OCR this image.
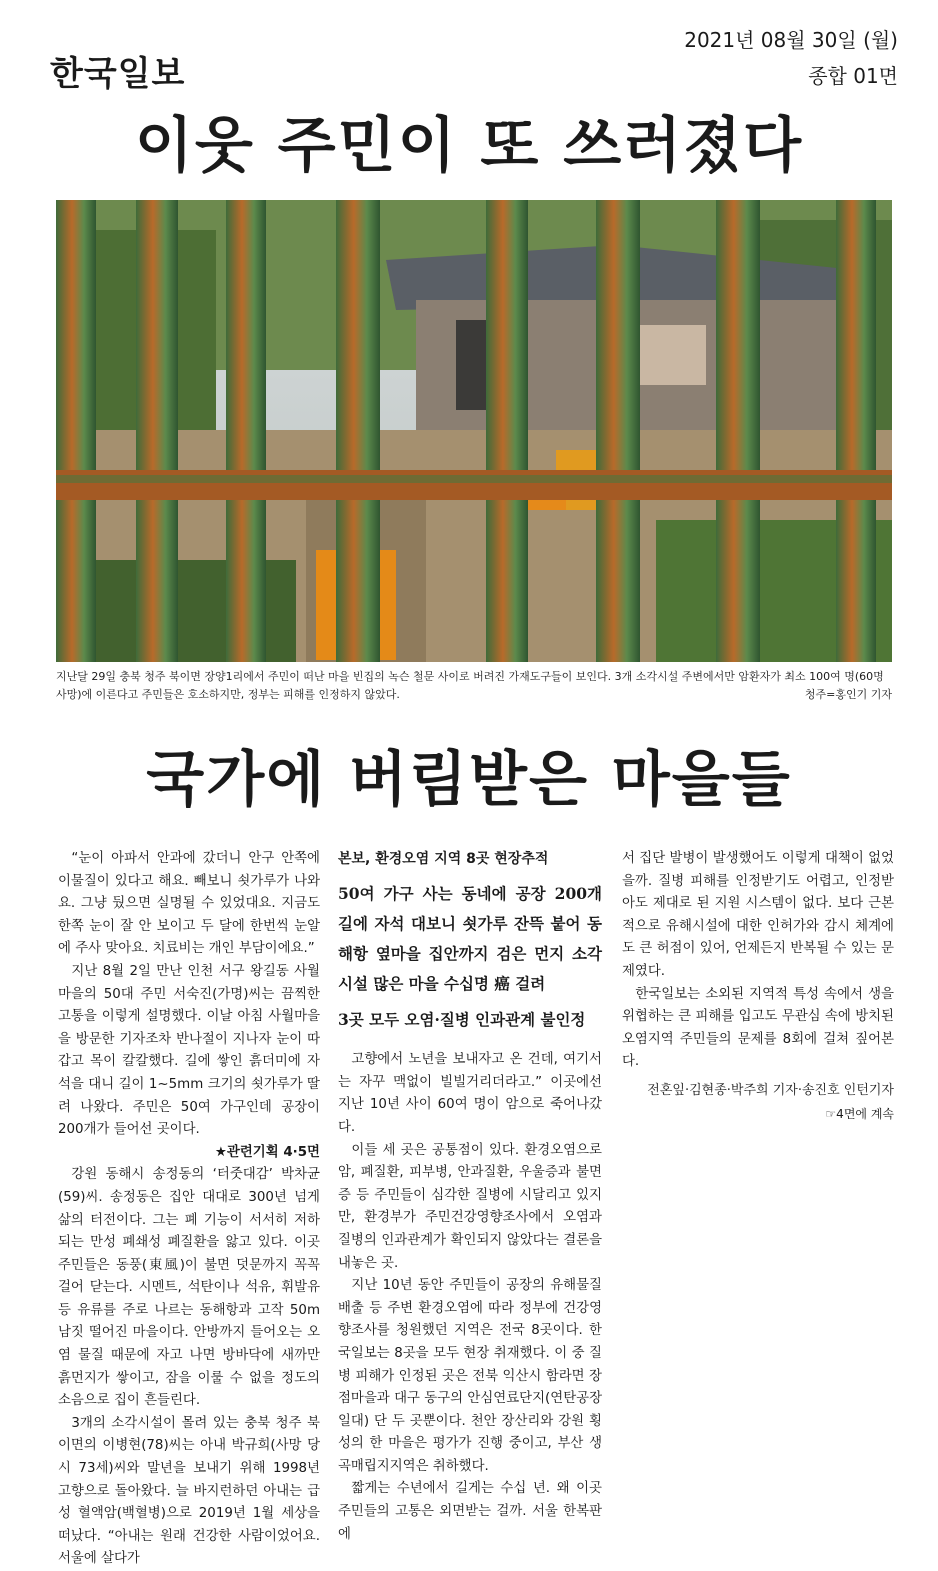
한국일보
2021년 08월 30일 (월)
종합 01면
이웃 주민이 또 쓰러졌다
지난달 29일 충북 청주 북이면 장양1리에서 주민이 떠난 마을 빈집의 녹슨 철문 사이로 버려진 가재도구들이 보인다. 3개 소각시설 주변에서만 암환자가 최소 100여 명(60명 사망)에 이른다고 주민들은 호소하지만, 정부는 피해를 인정하지 않았다.	청주=홍인기 기자
국가에 버림받은 마을들

“눈이 아파서 안과에 갔더니 안구 안쪽에 이물질이 있다고 해요. 빼보니 쇳가루가 나와요. 그냥 뒀으면 실명될 수 있었대요. 지금도 한쪽 눈이 잘 안 보이고 두 달에 한번씩 눈알에 주사 맞아요. 치료비는 개인 부담이에요.”

지난 8월 2일 만난 인천 서구 왕길동 사월마을의 50대 주민 서숙진(가명)씨는 끔찍한 고통을 이렇게 설명했다. 이날 아침 사월마을을 방문한 기자조차 반나절이 지나자 눈이 따갑고 목이 칼칼했다. 길에 쌓인 흙더미에 자석을 대니 길이 1~5mm 크기의 쇳가루가 딸려 나왔다. 주민은 50여 가구인데 공장이 200개가 들어선 곳이다.

★관련기획 4·5면

강원 동해시 송정동의 ‘터줏대감’ 박차균(59)씨. 송정동은 집안 대대로 300년 넘게 삶의 터전이다. 그는 폐 기능이 서서히 저하되는 만성 폐쇄성 폐질환을 앓고 있다. 이곳 주민들은 동풍(東風)이 불면 덧문까지 꼭꼭 걸어 닫는다. 시멘트, 석탄이나 석유, 휘발유 등 유류를 주로 나르는 동해항과 고작 50m 남짓 떨어진 마을이다. 안방까지 들어오는 오염 물질 때문에 자고 나면 방바닥에 새까만 흙먼지가 쌓이고, 잠을 이룰 수 없을 정도의 소음으로 집이 흔들린다.

3개의 소각시설이 몰려 있는 충북 청주 북이면의 이병현(78)씨는 아내 박규희(사망 당시 73세)씨와 말년을 보내기 위해 1998년 고향으로 돌아왔다. 늘 바지런하던 아내는 급성 혈액암(백혈병)으로 2019년 1월 세상을 떠났다. “아내는 원래 건강한 사람이었어요. 서울에 살다가

본보, 환경오염 지역 8곳 현장추적
50여 가구 사는 동네에 공장 200개 길에 자석 대보니 쇳가루 잔뜩 붙어 동해항 옆마을 집안까지 검은 먼지 소각시설 많은 마을 수십명 癌 걸려
3곳 모두 오염·질병 인과관계 불인정

고향에서 노년을 보내자고 온 건데, 여기서는 자꾸 맥없이 빌빌거리더라고.” 이곳에선 지난 10년 사이 60여 명이 암으로 죽어나갔다.

이들 세 곳은 공통점이 있다. 환경오염으로 암, 폐질환, 피부병, 안과질환, 우울증과 불면증 등 주민들이 심각한 질병에 시달리고 있지만, 환경부가 주민건강영향조사에서 오염과 질병의 인과관계가 확인되지 않았다는 결론을 내놓은 곳.

지난 10년 동안 주민들이 공장의 유해물질 배출 등 주변 환경오염에 따라 정부에 건강영향조사를 청원했던 지역은 전국 8곳이다. 한국일보는 8곳을 모두 현장 취재했다. 이 중 질병 피해가 인정된 곳은 전북 익산시 함라면 장점마을과 대구 동구의 안심연료단지(연탄공장 일대) 단 두 곳뿐이다. 천안 장산리와 강원 횡성의 한 마을은 평가가 진행 중이고, 부산 생곡매립지지역은 취하했다.

짧게는 수년에서 길게는 수십 년. 왜 이곳 주민들의 고통은 외면받는 걸까. 서울 한복판에

서 집단 발병이 발생했어도 이렇게 대책이 없었을까. 질병 피해를 인정받기도 어렵고, 인정받아도 제대로 된 지원 시스템이 없다. 보다 근본적으로 유해시설에 대한 인허가와 감시 체계에도 큰 허점이 있어, 언제든지 반복될 수 있는 문제였다.

한국일보는 소외된 지역적 특성 속에서 생을 위협하는 큰 피해를 입고도 무관심 속에 방치된 오염지역 주민들의 문제를 8회에 걸쳐 짚어본다.

전혼잎·김현종·박주희 기자·송진호 인턴기자
☞4면에 계속
